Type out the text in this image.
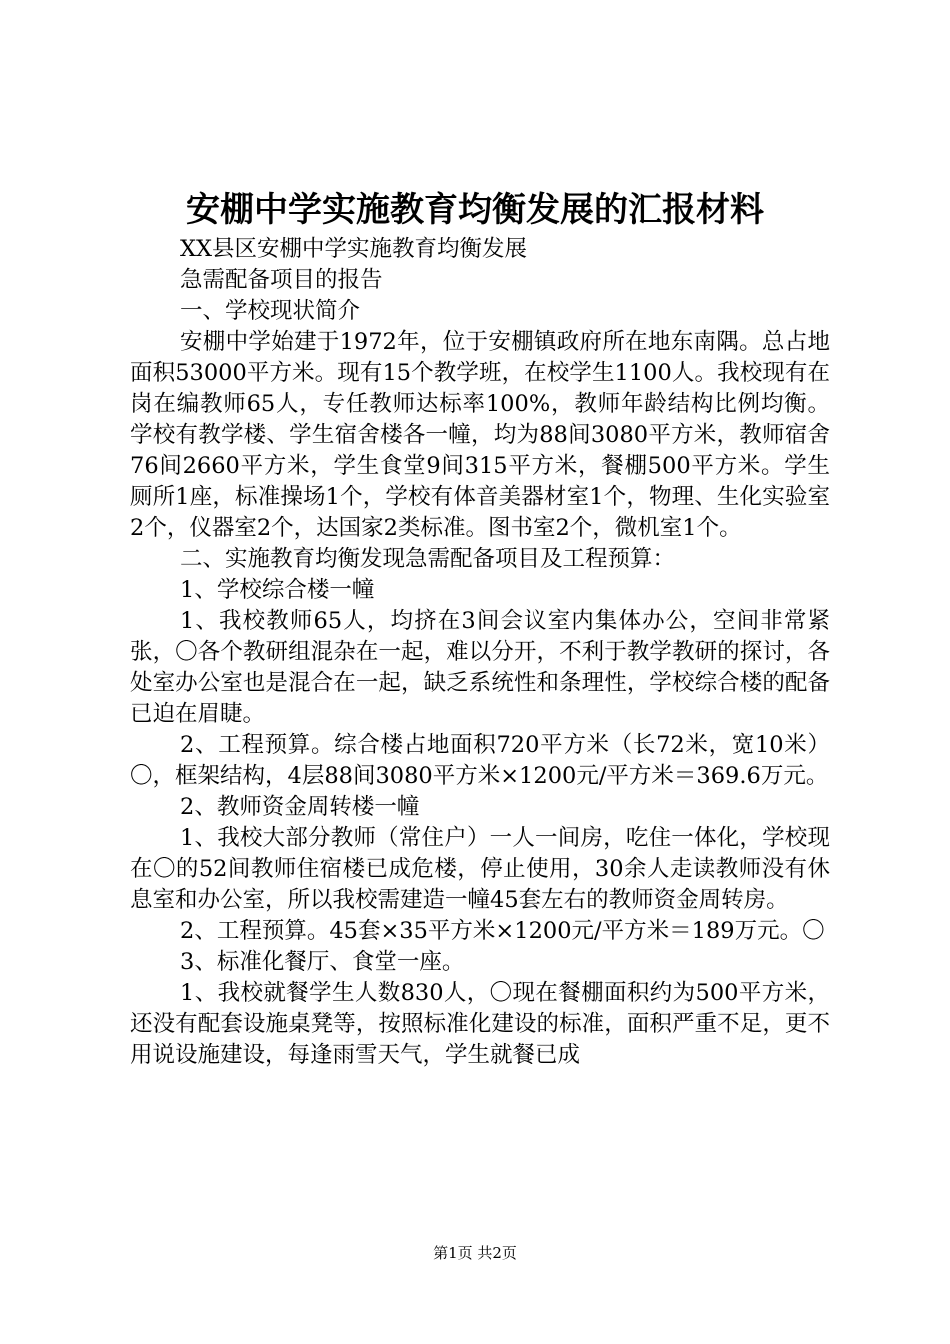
安棚中学实施教育均衡发展的汇报材料

XX县区安棚中学实施教育均衡发展

急需配备项目的报告

一、学校现状简介

安棚中学始建于1972年，位于安棚镇政府所在地东南隅。总占地面积53000平方米。现有15个教学班，在校学生1100人。我校现有在岗在编教师65人，专任教师达标率100%，教师年龄结构比例均衡。学校有教学楼、学生宿舍楼各一幢，均为88间3080平方米，教师宿舍76间2660平方米，学生食堂9间315平方米，餐棚500平方米。学生厕所1座，标准操场1个，学校有体音美器材室1个，物理、生化实验室2个，仪器室2个，达国家2类标准。图书室2个，微机室1个。

二、实施教育均衡发现急需配备项目及工程预算：

1、学校综合楼一幢

1、我校教师65人，均挤在3间会议室内集体办公，空间非常紧张，〇各个教研组混杂在一起，难以分开，不利于教学教研的探讨，各处室办公室也是混合在一起，缺乏系统性和条理性，学校综合楼的配备已迫在眉睫。

2、工程预算。综合楼占地面积720平方米（长72米，宽10米）〇，框架结构，4层88间3080平方米×1200元/平方米＝369.6万元。

2、教师资金周转楼一幢

1、我校大部分教师（常住户）一人一间房，吃住一体化，学校现在〇的52间教师住宿楼已成危楼，停止使用，30余人走读教师没有休息室和办公室，所以我校需建造一幢45套左右的教师资金周转房。

2、工程预算。45套×35平方米×1200元/平方米＝189万元。〇

3、标准化餐厅、食堂一座。

1、我校就餐学生人数830人，〇现在餐棚面积约为500平方米，还没有配套设施桌凳等，按照标准化建设的标准，面积严重不足，更不用说设施建设，每逢雨雪天气，学生就餐已成

第1页 共2页
